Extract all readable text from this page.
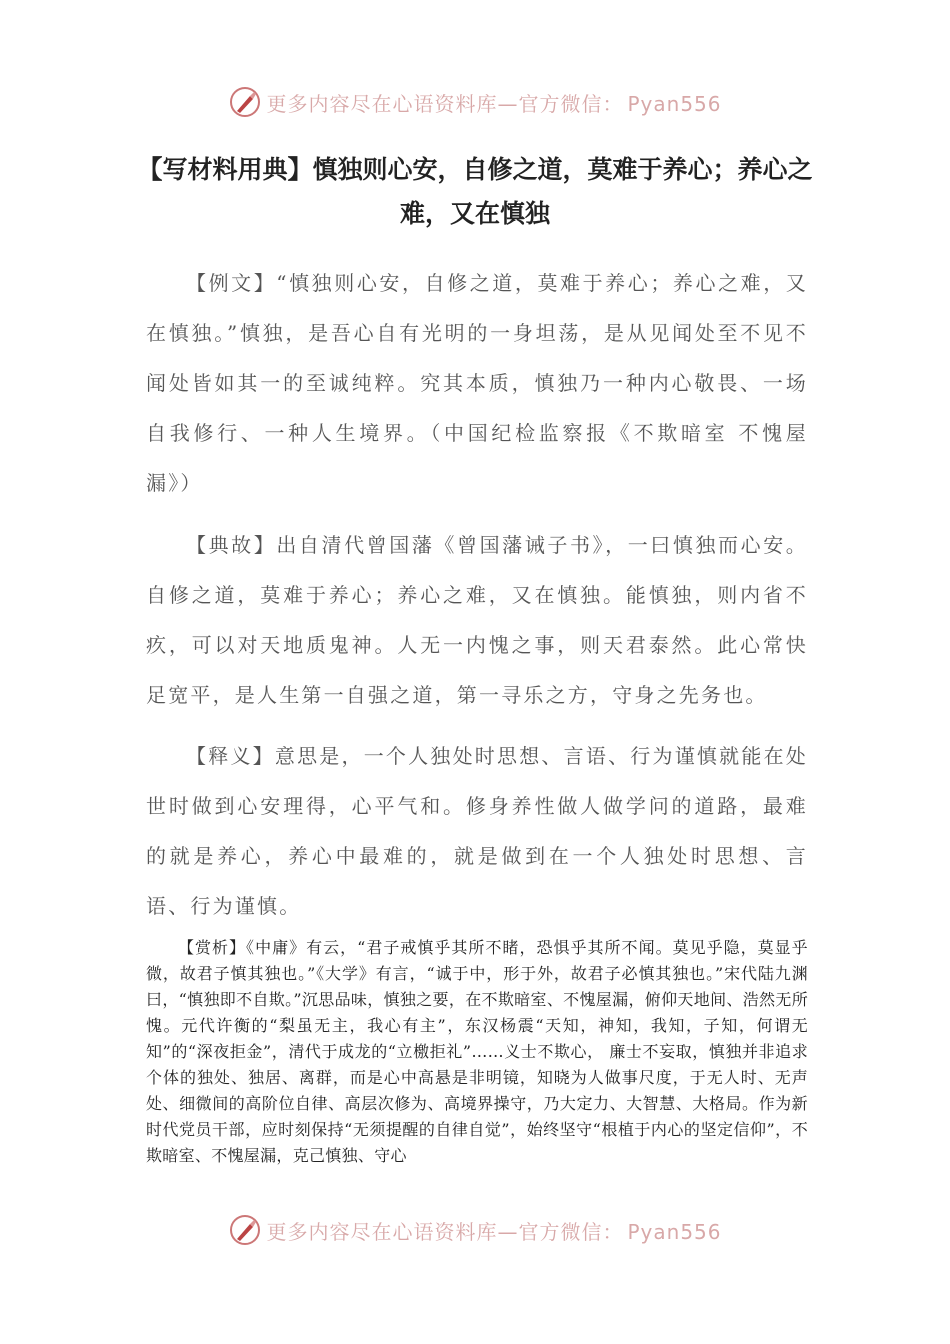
更多内容尽在心语资料库—官方微信： Pyan556
【写材料用典】慎独则心安，自修之道，莫难于养心；养心之难，又在慎独

【例文】“慎独则心安，自修之道，莫难于养心；养心之难，又在慎独。”慎独，是吾心自有光明的一身坦荡，是从见闻处至不见不闻处皆如其一的至诚纯粹。究其本质，慎独乃一种内心敬畏、一场自我修行、一种人生境界。（中国纪检监察报《不欺暗室 不愧屋漏》）

【典故】出自清代曾国藩《曾国藩诫子书》，一曰慎独而心安。自修之道，莫难于养心；养心之难，又在慎独。能慎独，则内省不疚，可以对天地质鬼神。人无一内愧之事，则天君泰然。此心常快足宽平，是人生第一自强之道，第一寻乐之方，守身之先务也。

【释义】意思是，一个人独处时思想、言语、行为谨慎就能在处世时做到心安理得，心平气和。修身养性做人做学问的道路，最难的就是养心，养心中最难的，就是做到在一个人独处时思想、言语、行为谨慎。

【赏析】《中庸》有云，“君子戒慎乎其所不睹，恐惧乎其所不闻。莫见乎隐，莫显乎微，故君子慎其独也。”《大学》有言，“诚于中，形于外，故君子必慎其独也。”宋代陆九渊曰，“慎独即不自欺。”沉思品味，慎独之要，在不欺暗室、不愧屋漏，俯仰天地间、浩然无所愧。元代许衡的“梨虽无主，我心有主”，东汉杨震“天知，神知，我知，子知，何谓无知”的“深夜拒金”，清代于成龙的“立檄拒礼”……义士不欺心， 廉士不妄取，慎独并非追求个体的独处、独居、离群，而是心中高悬是非明镜，知晓为人做事尺度，于无人时、无声处、细微间的高阶位自律、高层次修为、高境界操守，乃大定力、大智慧、大格局。作为新时代党员干部，应时刻保持“无须提醒的自律自觉”，始终坚守“根植于内心的坚定信仰”，不欺暗室、不愧屋漏，克己慎独、守心

更多内容尽在心语资料库—官方微信： Pyan556
